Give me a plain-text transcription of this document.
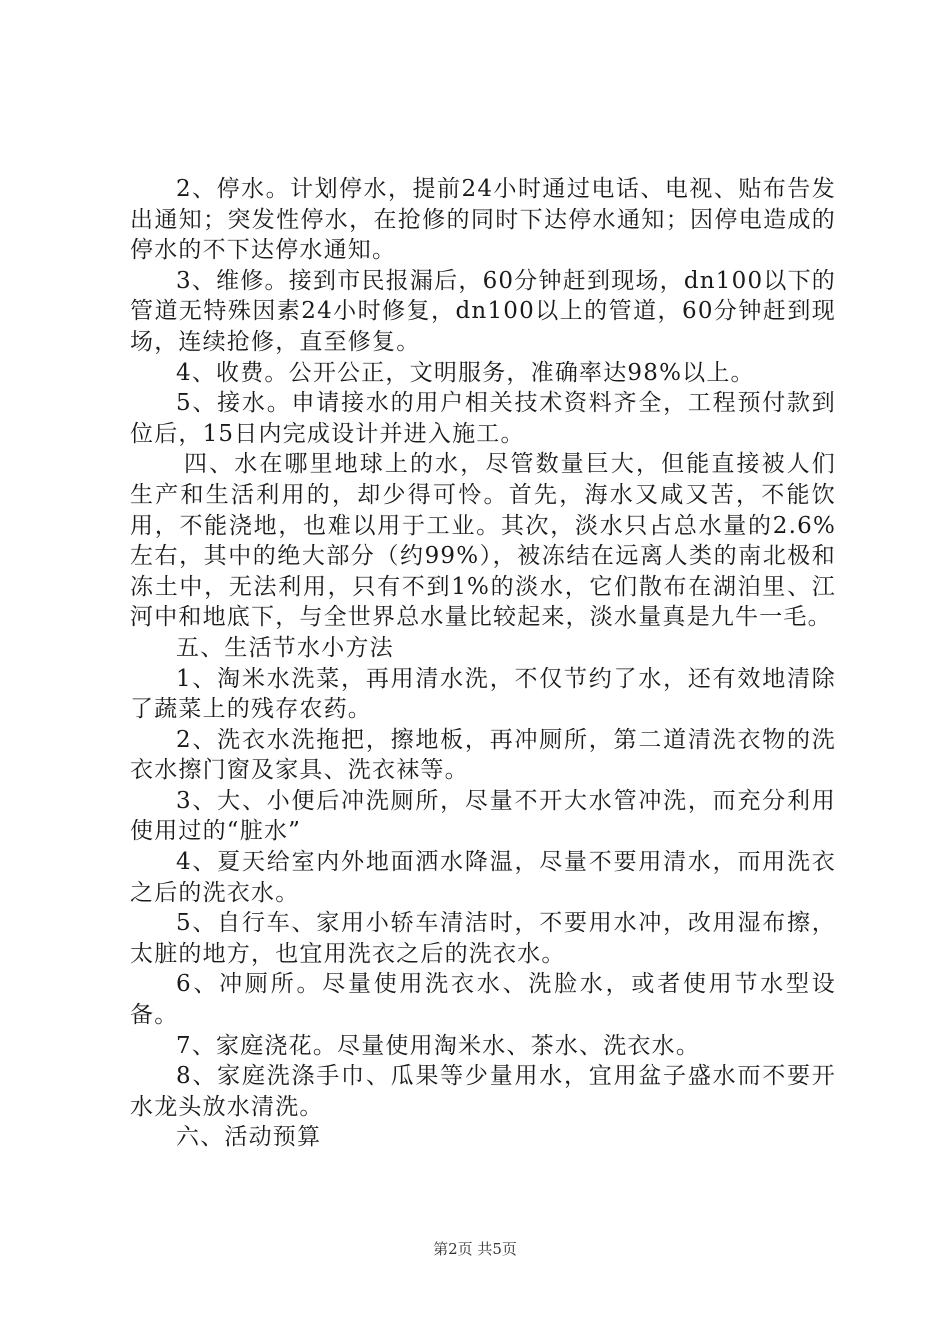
2、停水。计划停水，提前24小时通过电话、电视、贴布告发出通知；突发性停水，在抢修的同时下达停水通知；因停电造成的停水的不下达停水通知。

3、维修。接到市民报漏后，60分钟赶到现场，dn100以下的管道无特殊因素24小时修复，dn100以上的管道，60分钟赶到现场，连续抢修，直至修复。

4、收费。公开公正，文明服务，准确率达98%以上。

5、接水。申请接水的用户相关技术资料齐全，工程预付款到位后，15日内完成设计并进入施工。

四、水在哪里地球上的水，尽管数量巨大，但能直接被人们生产和生活利用的，却少得可怜。首先，海水又咸又苦，不能饮用，不能浇地，也难以用于工业。其次，淡水只占总水量的2.6%左右，其中的绝大部分（约99%），被冻结在远离人类的南北极和冻土中，无法利用，只有不到1%的淡水，它们散布在湖泊里、江河中和地底下，与全世界总水量比较起来，淡水量真是九牛一毛。

五、生活节水小方法

1、淘米水洗菜，再用清水洗，不仅节约了水，还有效地清除了蔬菜上的残存农药。

2、洗衣水洗拖把，擦地板，再冲厕所，第二道清洗衣物的洗衣水擦门窗及家具、洗衣袜等。

3、大、小便后冲洗厕所，尽量不开大水管冲洗，而充分利用使用过的“脏水”

4、夏天给室内外地面洒水降温，尽量不要用清水，而用洗衣之后的洗衣水。

5、自行车、家用小轿车清洁时，不要用水冲，改用湿布擦，太脏的地方，也宜用洗衣之后的洗衣水。

6、冲厕所。尽量使用洗衣水、洗脸水，或者使用节水型设备。

7、家庭浇花。尽量使用淘米水、茶水、洗衣水。

8、家庭洗涤手巾、瓜果等少量用水，宜用盆子盛水而不要开水龙头放水清洗。

六、活动预算

第2页 共5页
